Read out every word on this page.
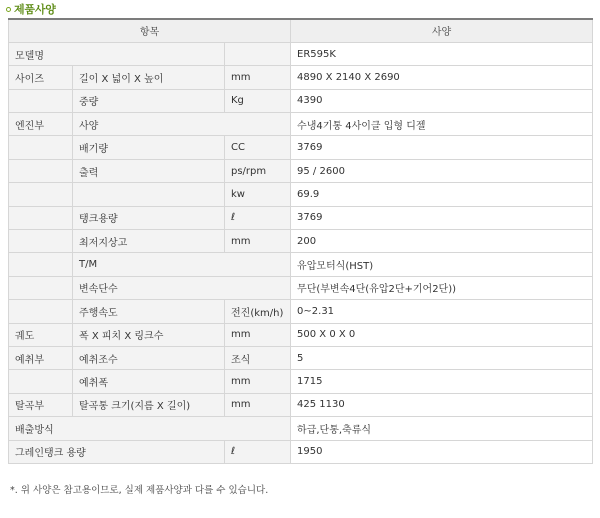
제품사양
항목			사양
모델명			ER595K
사이즈	길이 X 넓이 X 높이	mm	4890 X 2140 X 2690
	중량	Kg	4390
엔진부	사양		수냉4기통 4사이클 입형 디젤
	배기량	CC	3769
	출력	ps/rpm	95 / 2600
		kw	69.9
	탱크용량	ℓ	3769
	최저지상고	mm	200
	T/M		유압모터식(HST)
	변속단수		무단(부변속4단(유압2단+기어2단))
	주행속도	전진(km/h)	0~2.31
궤도	폭 X 피치 X 링크수	mm	500 X 0 X 0
예취부	예취조수	조식	5
	예취폭	mm	1715
탈곡부	탈곡통 크기(지름 X 길이)	mm	425 1130
배출방식			하급,단통,축류식
그레인탱크 용량		ℓ	1950
*. 위 사양은 참고용이므로, 실제 제품사양과 다를 수 있습니다.
